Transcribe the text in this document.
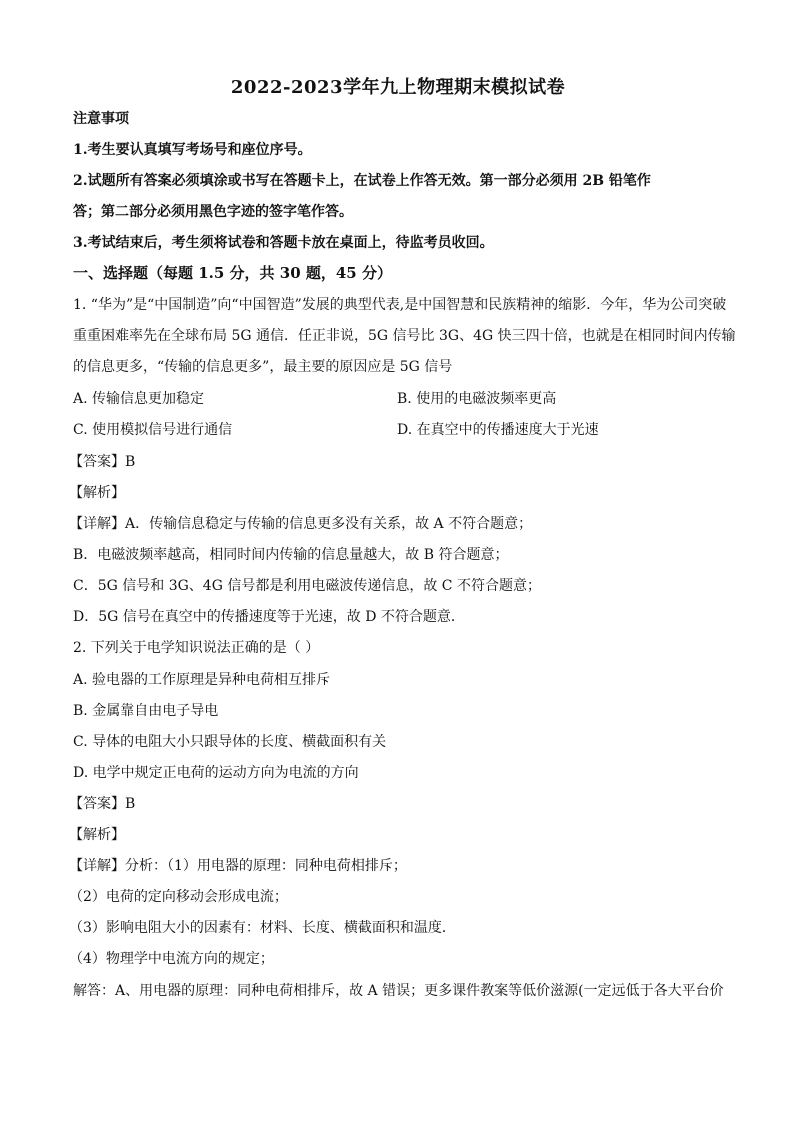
2022-2023学年九上物理期末模拟试卷
注意事项
1.考生要认真填写考场号和座位序号。
2.试题所有答案必须填涂或书写在答题卡上，在试卷上作答无效。第一部分必须用 2B 铅笔作
答；第二部分必须用黑色字迹的签字笔作答。
3.考试结束后，考生须将试卷和答题卡放在桌面上，待监考员收回。
一、选择题（每题 1.5 分，共 30 题，45 分）
1. “华为”是“中国制造”向“中国智造”发展的典型代表,是中国智慧和民族精神的缩影．今年，华为公司突破
重重困难率先在全球布局 5G 通信．任正非说，5G 信号比 3G、4G 快三四十倍，也就是在相同时间内传输
的信息更多，“传输的信息更多”，最主要的原因应是 5G 信号
A. 传输信息更加稳定	B. 使用的电磁波频率更高
C. 使用模拟信号进行通信	D. 在真空中的传播速度大于光速
【答案】B
【解析】
【详解】A．传输信息稳定与传输的信息更多没有关系，故 A 不符合题意；
B．电磁波频率越高，相同时间内传输的信息量越大，故 B 符合题意；
C．5G 信号和 3G、4G 信号都是利用电磁波传递信息，故 C 不符合题意；
D．5G 信号在真空中的传播速度等于光速，故 D 不符合题意．
2. 下列关于电学知识说法正确的是（ ）
A. 验电器的工作原理是异种电荷相互排斥
B. 金属靠自由电子导电
C. 导体的电阻大小只跟导体的长度、横截面积有关
D. 电学中规定正电荷的运动方向为电流的方向
【答案】B
【解析】
【详解】分析：（1）用电器的原理：同种电荷相排斥；
（2）电荷的定向移动会形成电流；
（3）影响电阻大小的因素有：材料、长度、横截面积和温度．
（4）物理学中电流方向的规定；
解答：A、用电器的原理：同种电荷相排斥，故 A 错误；更多课件教案等低价滋源(一定远低于各大平台价
